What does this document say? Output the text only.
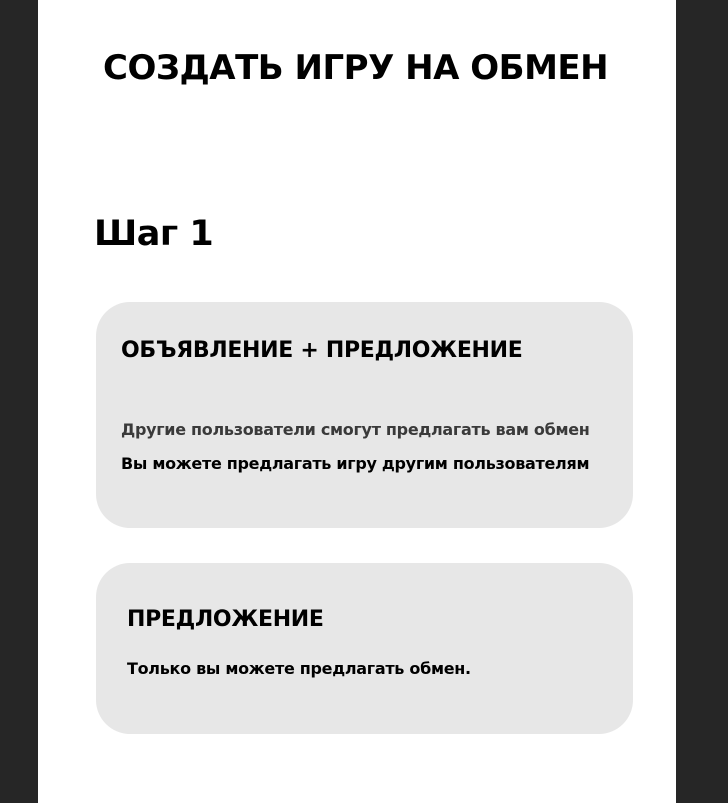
СОЗДАТЬ ИГРУ НА ОБМЕН
Шаг 1
ОБЪЯВЛЕНИЕ + ПРЕДЛОЖЕНИЕ

Другие пользователи смогут предлагать вам обмен

Вы можете предлагать игру другим пользователям

ПРЕДЛОЖЕНИЕ

Только вы можете предлагать обмен.
